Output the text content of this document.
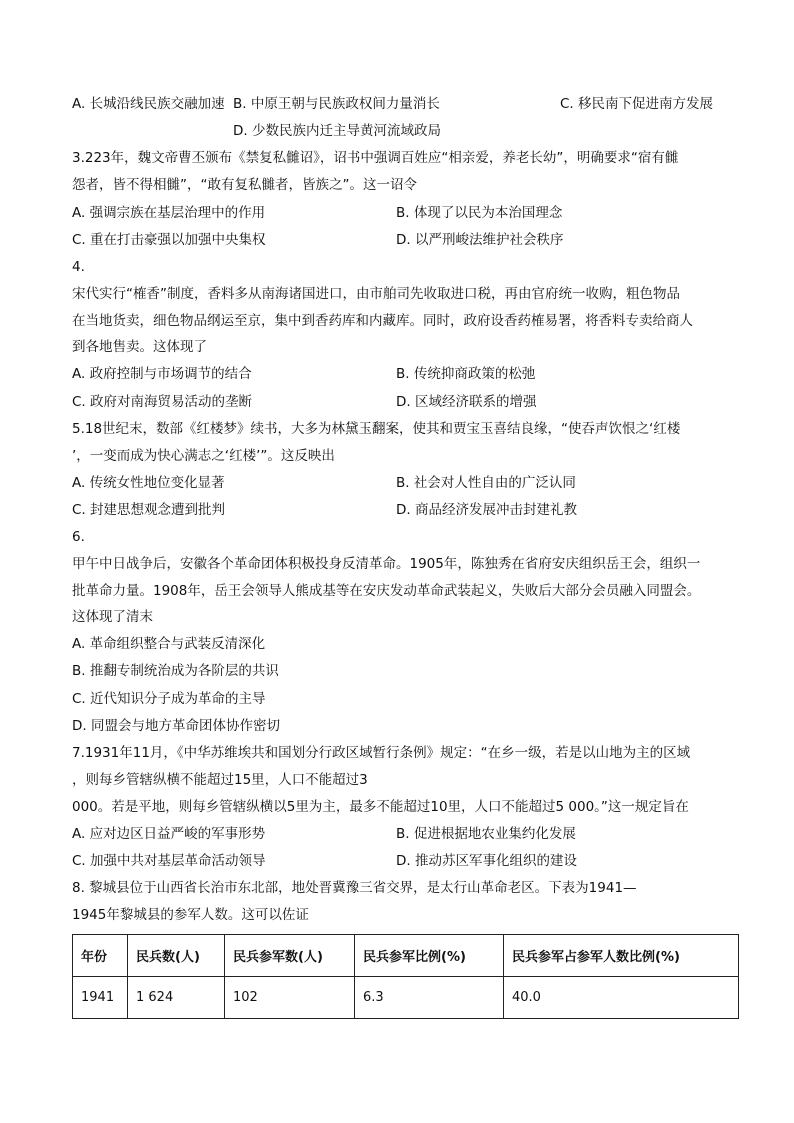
A. 长城沿线民族交融加速 B. 中原王朝与民族政权间力量消长	C. 移民南下促进南方发展
D. 少数民族内迁主导黄河流域政局
3.223年，魏文帝曹丕颁布《禁复私雠诏》，诏书中强调百姓应“相亲爱，养老长幼”，明确要求“宿有雠
怨者，皆不得相雠”，“敢有复私雠者，皆族之”。这一诏令
A. 强调宗族在基层治理中的作用	B. 体现了以民为本治国理念
C. 重在打击豪强以加强中央集权	D. 以严刑峻法维护社会秩序
4.
宋代实行“榷香”制度，香料多从南海诸国进口，由市舶司先收取进口税，再由官府统一收购，粗色物品
在当地货卖，细色物品纲运至京，集中到香药库和内藏库。同时，政府设香药榷易署，将香料专卖给商人
到各地售卖。这体现了
A. 政府控制与市场调节的结合	B. 传统抑商政策的松弛
C. 政府对南海贸易活动的垄断	D. 区域经济联系的增强
5.18世纪末，数部《红楼梦》续书，大多为林黛玉翻案，使其和贾宝玉喜结良缘，“使吞声饮恨之‘红楼
’，一变而成为快心满志之‘红楼’”。这反映出
A. 传统女性地位变化显著	B. 社会对人性自由的广泛认同
C. 封建思想观念遭到批判	D. 商品经济发展冲击封建礼教
6.
甲午中日战争后，安徽各个革命团体积极投身反清革命。1905年，陈独秀在省府安庆组织岳王会，组织一
批革命力量。1908年，岳王会领导人熊成基等在安庆发动革命武装起义，失败后大部分会员融入同盟会。
这体现了清末
A. 革命组织整合与武装反清深化
B. 推翻专制统治成为各阶层的共识
C. 近代知识分子成为革命的主导
D. 同盟会与地方革命团体协作密切
7.1931年11月，《中华苏维埃共和国划分行政区域暂行条例》规定：“在乡一级，若是以山地为主的区域
，则每乡管辖纵横不能超过15里，人口不能超过3
000。若是平地，则每乡管辖纵横以5里为主，最多不能超过10里，人口不能超过5 000。”这一规定旨在
A. 应对边区日益严峻的军事形势	B. 促进根据地农业集约化发展
C. 加强中共对基层革命活动领导	D. 推动苏区军事化组织的建设
8. 黎城县位于山西省长治市东北部，地处晋冀豫三省交界，是太行山革命老区。下表为1941—
1945年黎城县的参军人数。这可以佐证
年份	民兵数(人)	民兵参军数(人)	民兵参军比例(%)	民兵参军占参军人数比例(%)
1941	1 624	102	6.3	40.0
